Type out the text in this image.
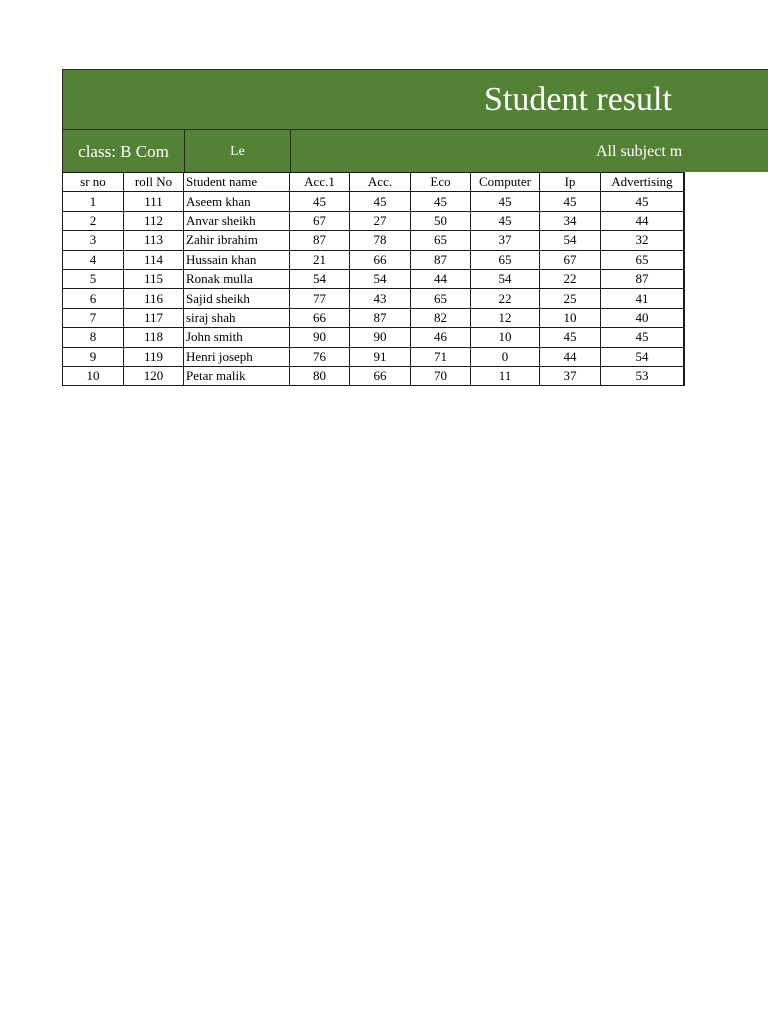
Student result
class: B Com	Le	All subject m
sr no	roll No	Student name	Acc.1	Acc.	Eco	Computer	Ip	Advertising	
1	111	Aseem khan	45	45	45	45	45	45	
2	112	Anvar sheikh	67	27	50	45	34	44	
3	113	Zahir ibrahim	87	78	65	37	54	32	
4	114	Hussain khan	21	66	87	65	67	65	
5	115	Ronak mulla	54	54	44	54	22	87	
6	116	Sajid sheikh	77	43	65	22	25	41	
7	117	siraj shah	66	87	82	12	10	40	
8	118	John smith	90	90	46	10	45	45	
9	119	Henri joseph	76	91	71	0	44	54	
10	120	Petar malik	80	66	70	11	37	53	
